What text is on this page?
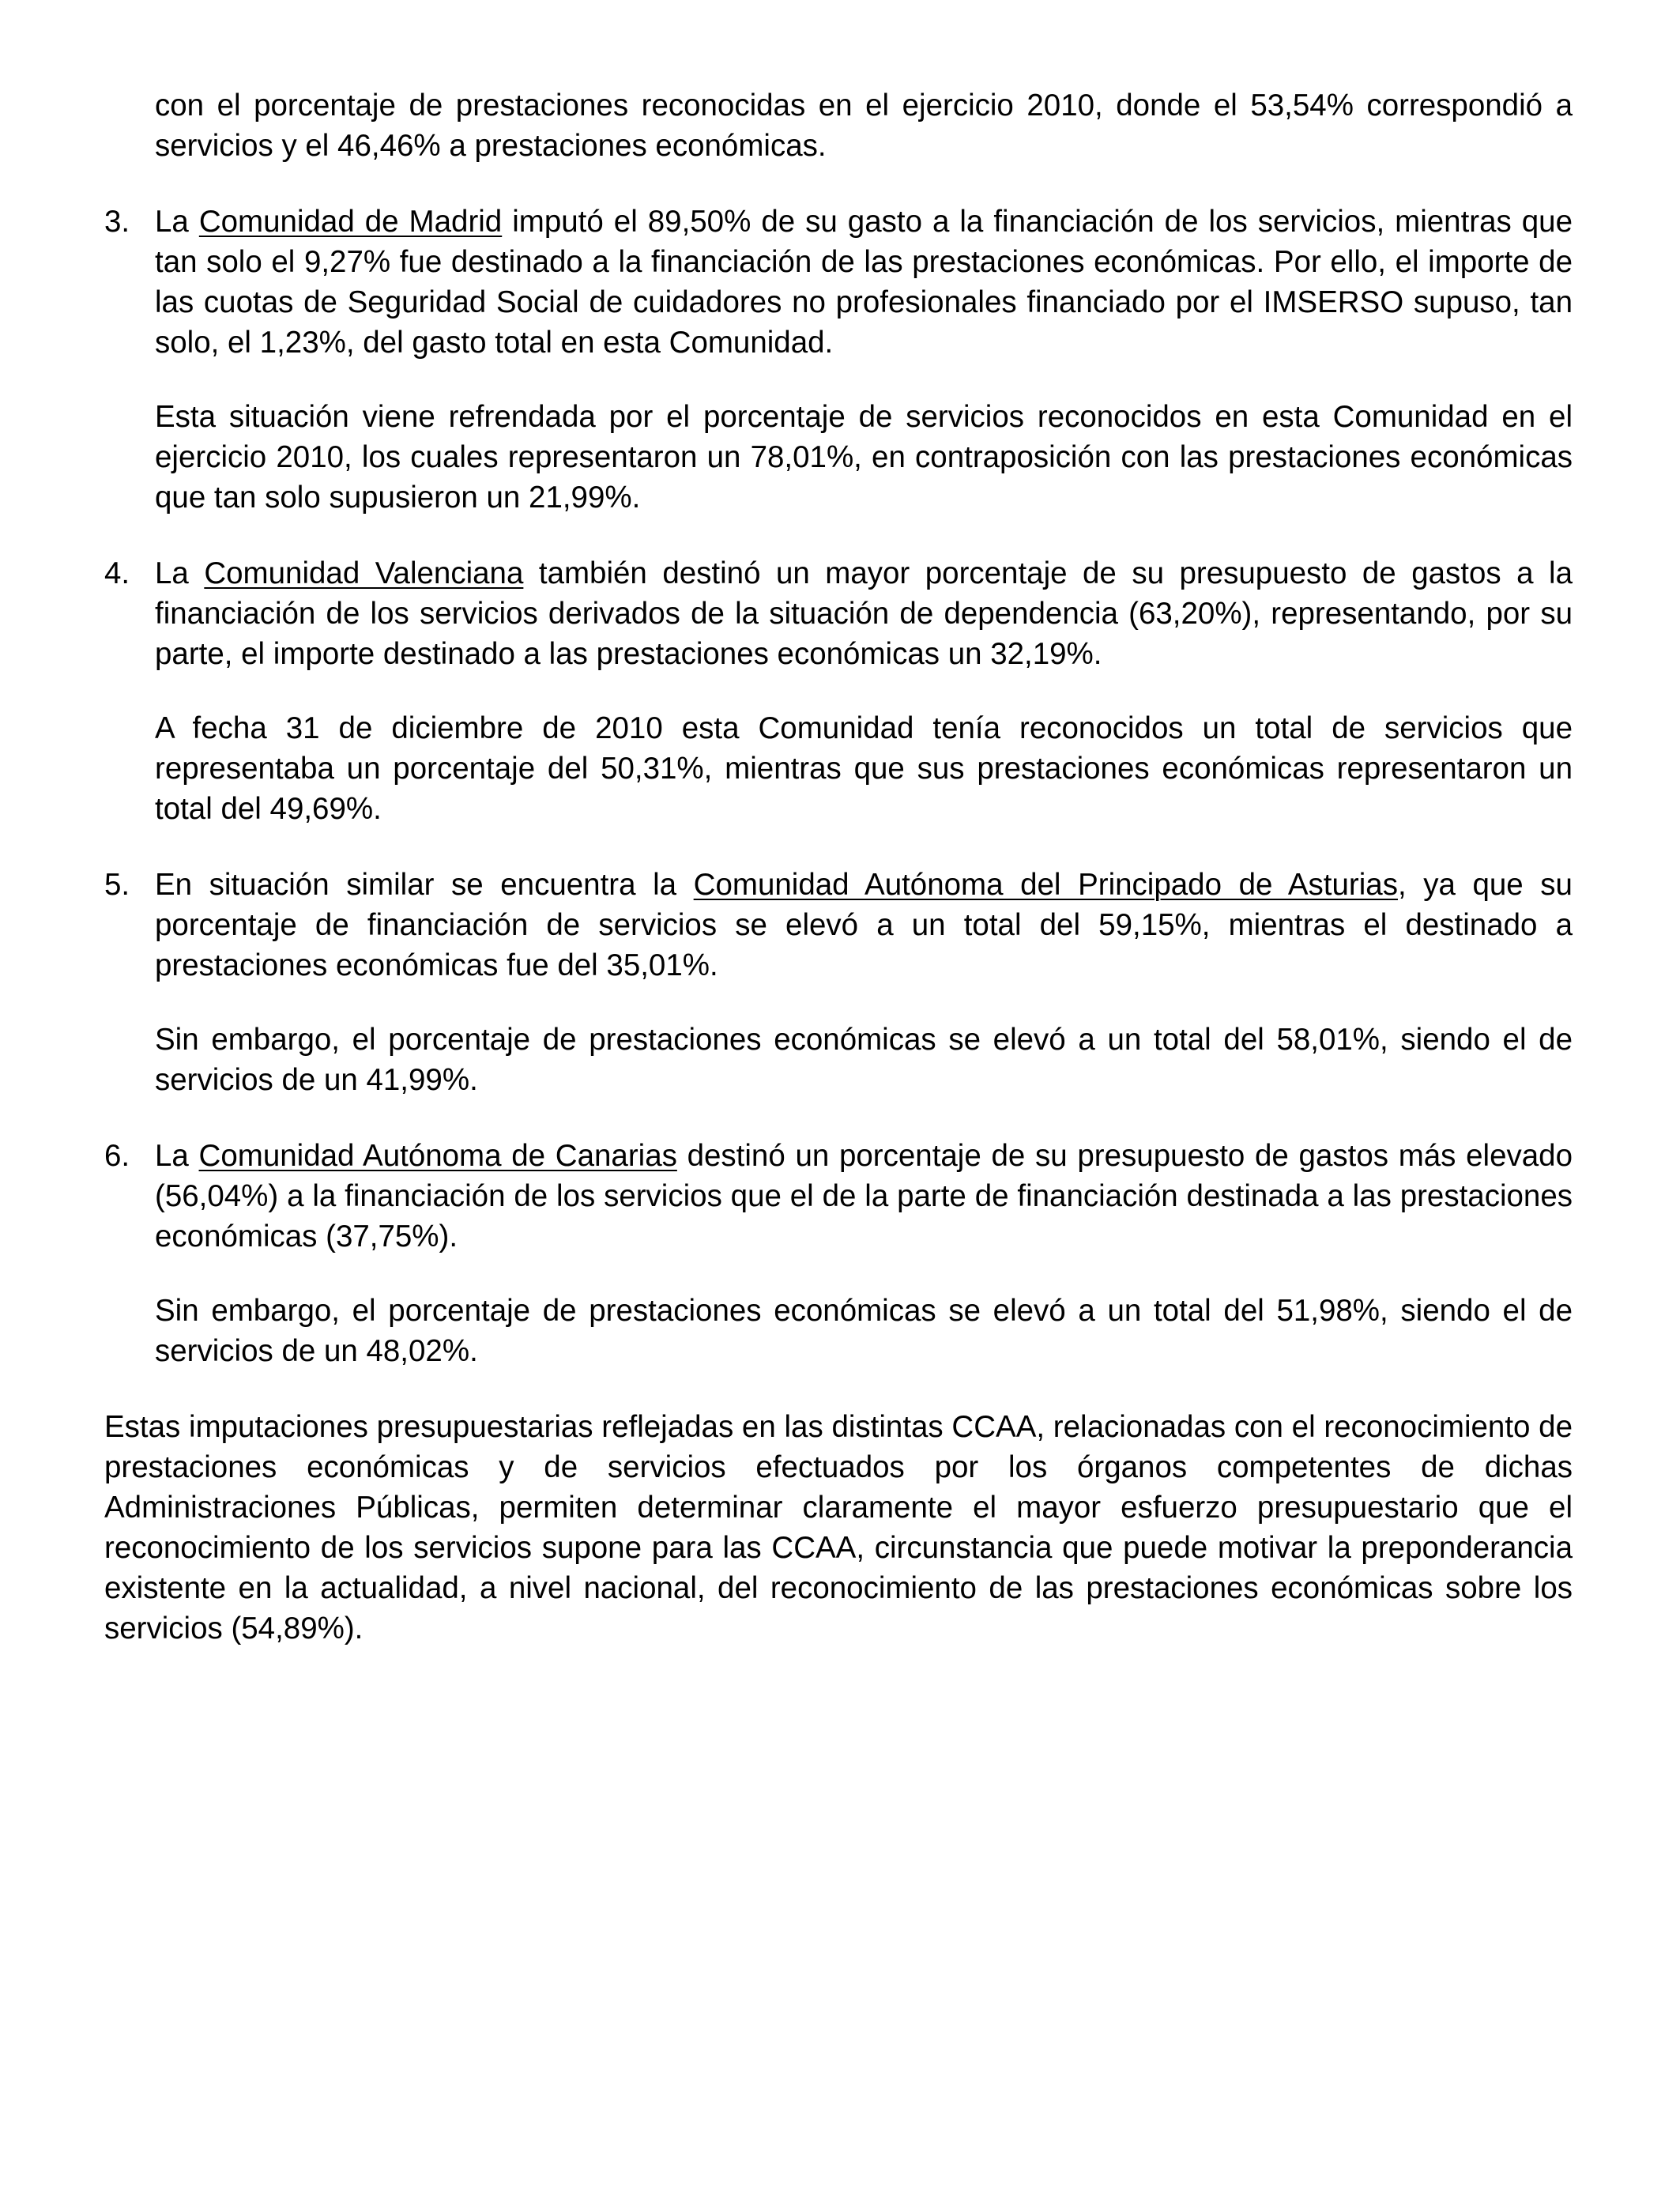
con el porcentaje de prestaciones reconocidas en el ejercicio 2010, donde el 53,54% correspondió a servicios y el 46,46% a prestaciones económicas.

3. La Comunidad de Madrid imputó el 89,50% de su gasto a la financiación de los servicios, mientras que tan solo el 9,27% fue destinado a la financiación de las prestaciones económicas. Por ello, el importe de las cuotas de Seguridad Social de cuidadores no profesionales financiado por el IMSERSO supuso, tan solo, el 1,23%, del gasto total en esta Comunidad.

Esta situación viene refrendada por el porcentaje de servicios reconocidos en esta Comunidad en el ejercicio 2010, los cuales representaron un 78,01%, en contraposición con las prestaciones económicas que tan solo supusieron un 21,99%.

4. La Comunidad Valenciana también destinó un mayor porcentaje de su presupuesto de gastos a la financiación de los servicios derivados de la situación de dependencia (63,20%), representando, por su parte, el importe destinado a las prestaciones económicas un 32,19%.

A fecha 31 de diciembre de 2010 esta Comunidad tenía reconocidos un total de servicios que representaba un porcentaje del 50,31%, mientras que sus prestaciones económicas representaron un total del 49,69%.

5. En situación similar se encuentra la Comunidad Autónoma del Principado de Asturias, ya que su porcentaje de financiación de servicios se elevó a un total del 59,15%, mientras el destinado a prestaciones económicas fue del 35,01%.

Sin embargo, el porcentaje de prestaciones económicas se elevó a un total del 58,01%, siendo el de servicios de un 41,99%.

6. La Comunidad Autónoma de Canarias destinó un porcentaje de su presupuesto de gastos más elevado (56,04%) a la financiación de los servicios que el de la parte de financiación destinada a las prestaciones económicas (37,75%).

Sin embargo, el porcentaje de prestaciones económicas se elevó a un total del 51,98%, siendo el de servicios de un 48,02%.

Estas imputaciones presupuestarias reflejadas en las distintas CCAA, relacionadas con el reconocimiento de prestaciones económicas y de servicios efectuados por los órganos competentes de dichas Administraciones Públicas, permiten determinar claramente el mayor esfuerzo presupuestario que el reconocimiento de los servicios supone para las CCAA, circunstancia que puede motivar la preponderancia existente en la actualidad, a nivel nacional, del reconocimiento de las prestaciones económicas sobre los servicios (54,89%).
